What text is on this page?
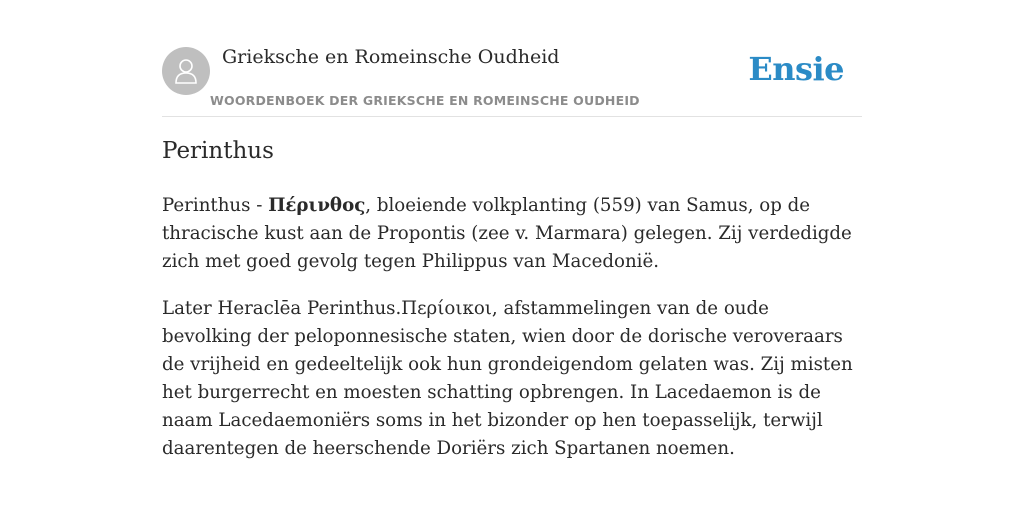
Grieksche en Romeinsche Oudheid
WOORDENBOEK DER GRIEKSCHE EN ROMEINSCHE OUDHEID
Ensie
Perinthus

Perinthus - Πέρινθος, bloeiende volkplanting (559) van Samus, op de thracische kust aan de Propontis (zee v. Marmara) gelegen. Zij verdedigde zich met goed gevolg tegen Philippus van Macedonië.

Later Heraclēa Perinthus.Περίοικοι, afstammelingen van de oude bevolking der peloponnesische staten, wien door de dorische veroveraars de vrijheid en gedeeltelijk ook hun grondeigendom gelaten was. Zij misten het burgerrecht en moesten schatting opbrengen. In Lacedaemon is de naam Lacedaemoniërs soms in het bizonder op hen toepasselijk, terwijl daarentegen de heerschende Doriërs zich Spartanen noemen.
